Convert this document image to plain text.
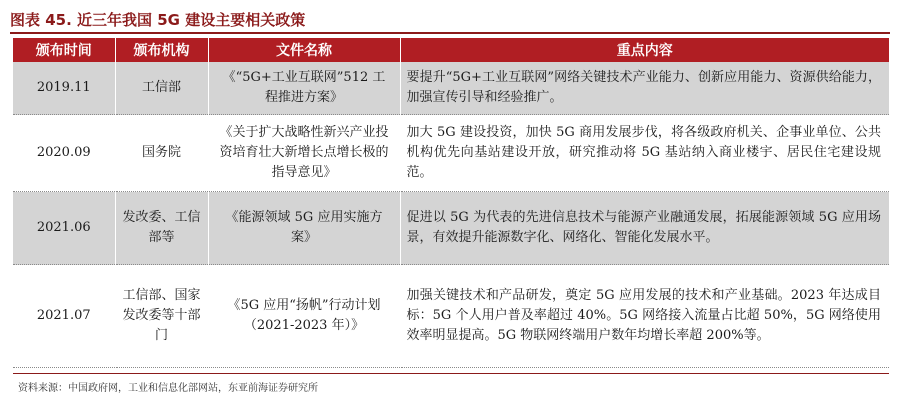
图表 45. 近三年我国 5G 建设主要相关政策
颁布时间	颁布机构	文件名称	重点内容
2019.11	工信部	《“5G+工业互联网”512 工程推进方案》	要提升“5G+工业互联网”网络关键技术产业能力、创新应用能力、资源供给能力，加强宣传引导和经验推广。
2020.09	国务院	《关于扩大战略性新兴产业投资培育壮大新增长点增长极的指导意见》	加大 5G 建设投资，加快 5G 商用发展步伐，将各级政府机关、企事业单位、公共机构优先向基站建设开放，研究推动将 5G 基站纳入商业楼宇、居民住宅建设规范。
2021.06	发改委、工信部等	《能源领域 5G 应用实施方案》	促进以 5G 为代表的先进信息技术与能源产业融通发展，拓展能源领域 5G 应用场景，有效提升能源数字化、网络化、智能化发展水平。
2021.07	工信部、国家发改委等十部门	《5G 应用“扬帆”行动计划（2021-2023 年）》	加强关键技术和产品研发，奠定 5G 应用发展的技术和产业基础。2023 年达成目标：5G 个人用户普及率超过 40%。5G 网络接入流量占比超 50%，5G 网络使用效率明显提高。5G 物联网终端用户数年均增长率超 200%等。
资料来源：中国政府网，工业和信息化部网站，东亚前海证券研究所
